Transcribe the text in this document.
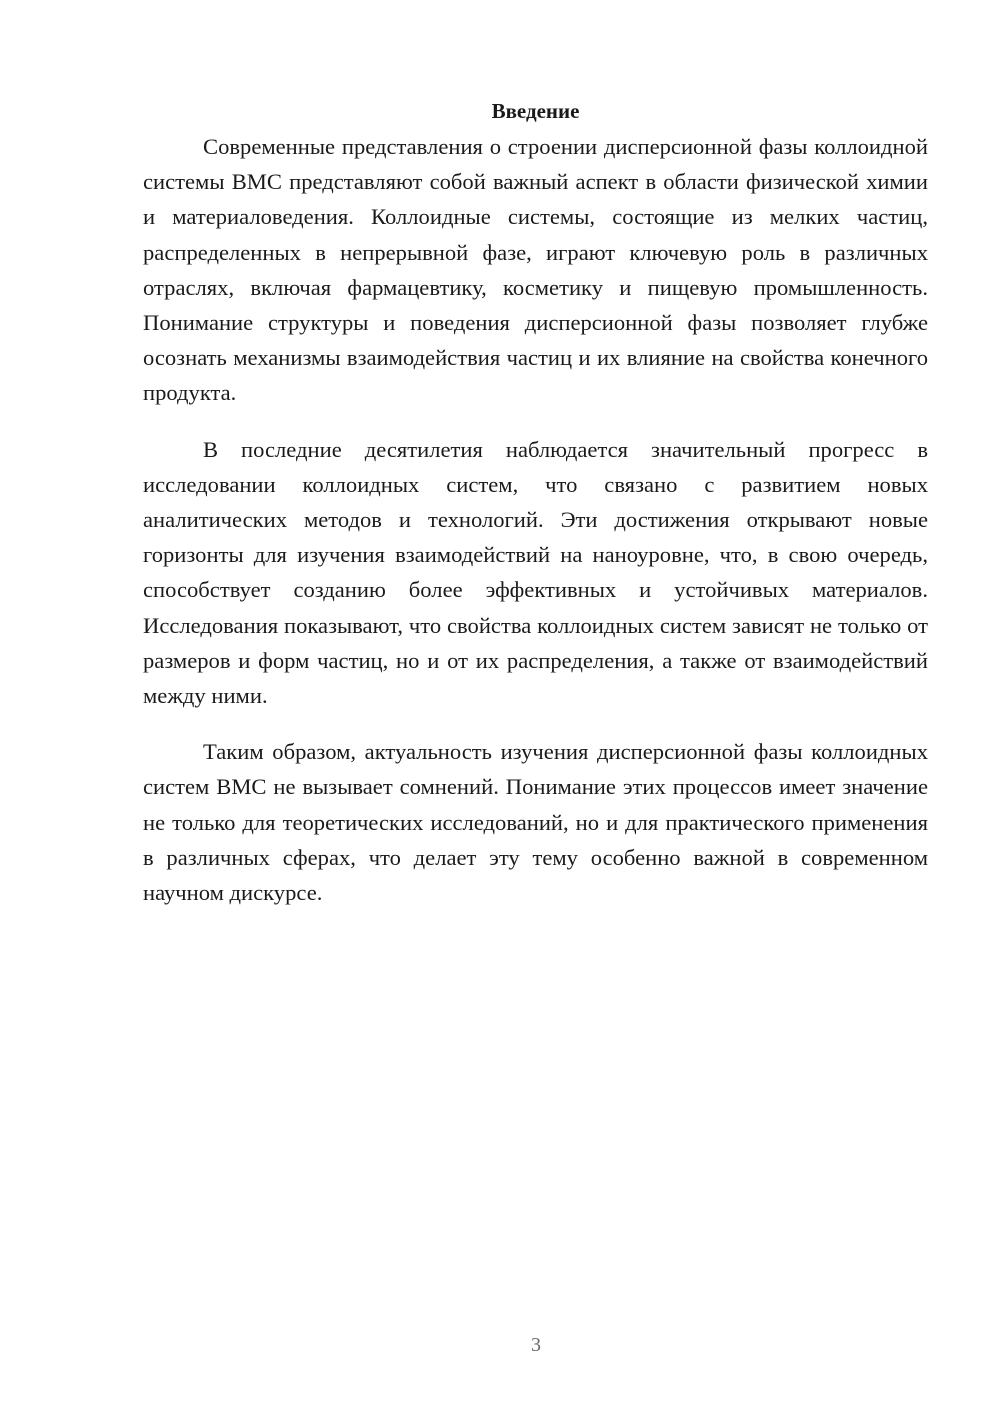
Введение

Современные представления о строении дисперсионной фазы коллоидной системы ВМС представляют собой важный аспект в области физической химии и материаловедения. Коллоидные системы, состоящие из мелких частиц, распределенных в непрерывной фазе, играют ключевую роль в различных отраслях, включая фармацевтику, косметику и пищевую промышленность. Понимание структуры и поведения дисперсионной фазы позволяет глубже осознать механизмы взаимодействия частиц и их влияние на свойства конечного продукта.

В последние десятилетия наблюдается значительный прогресс в исследовании коллоидных систем, что связано с развитием новых аналитических методов и технологий. Эти достижения открывают новые горизонты для изучения взаимодействий на наноуровне, что, в свою очередь, способствует созданию более эффективных и устойчивых материалов. Исследования показывают, что свойства коллоидных систем зависят не только от размеров и форм частиц, но и от их распределения, а также от взаимодействий между ними.

Таким образом, актуальность изучения дисперсионной фазы коллоидных систем ВМС не вызывает сомнений. Понимание этих процессов имеет значение не только для теоретических исследований, но и для практического применения в различных сферах, что делает эту тему особенно важной в современном научном дискурсе.

3
